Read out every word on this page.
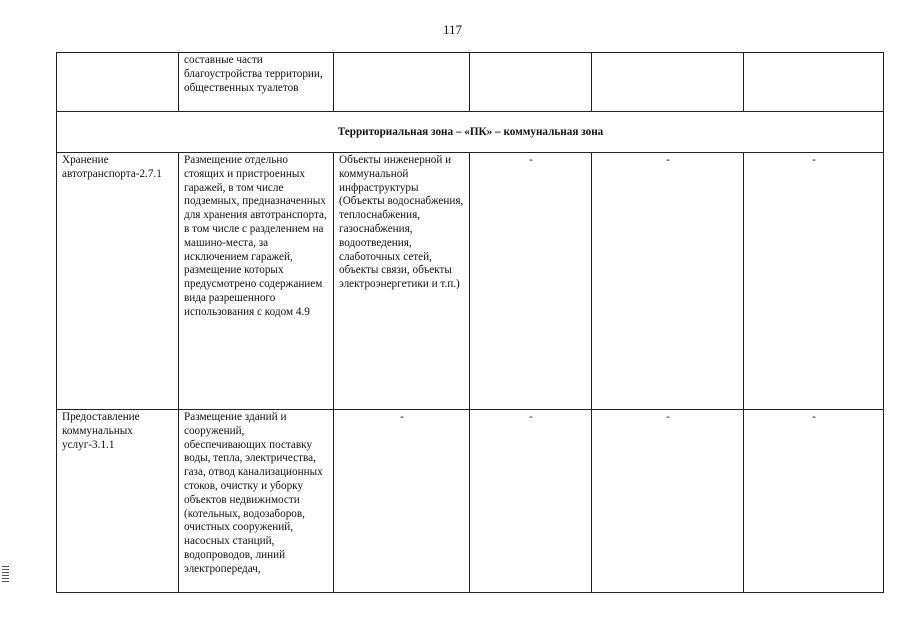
117
	составные части благоустройства территории, общественных туалетов				
Территориальная зона – «ПК» – коммунальная зона					
Хранение автотранспорта-2.7.1	Размещение отдельно стоящих и пристроенных гаражей, в том числе подземных, предназначенных для хранения автотранспорта, в том числе с разделением на машино-места, за исключением гаражей, размещение которых предусмотрено содержанием вида разрешенного использования с кодом 4.9	Объекты инженерной и коммунальной инфраструктуры (Объекты водоснабжения, теплоснабжения, газоснабжения, водоотведения, слаботочных сетей, объекты связи, объекты электроэнергетики и т.п.)	-	-	-

Предоставление коммунальных услуг-3.1.1	Размещение зданий и сооружений, обеспечивающих поставку воды, тепла, электричества, газа, отвод канализационных стоков, очистку и уборку объектов недвижимости (котельных, водозаборов, очистных сооружений, насосных станций, водопроводов, линий электропередач,	-	-	-	-
